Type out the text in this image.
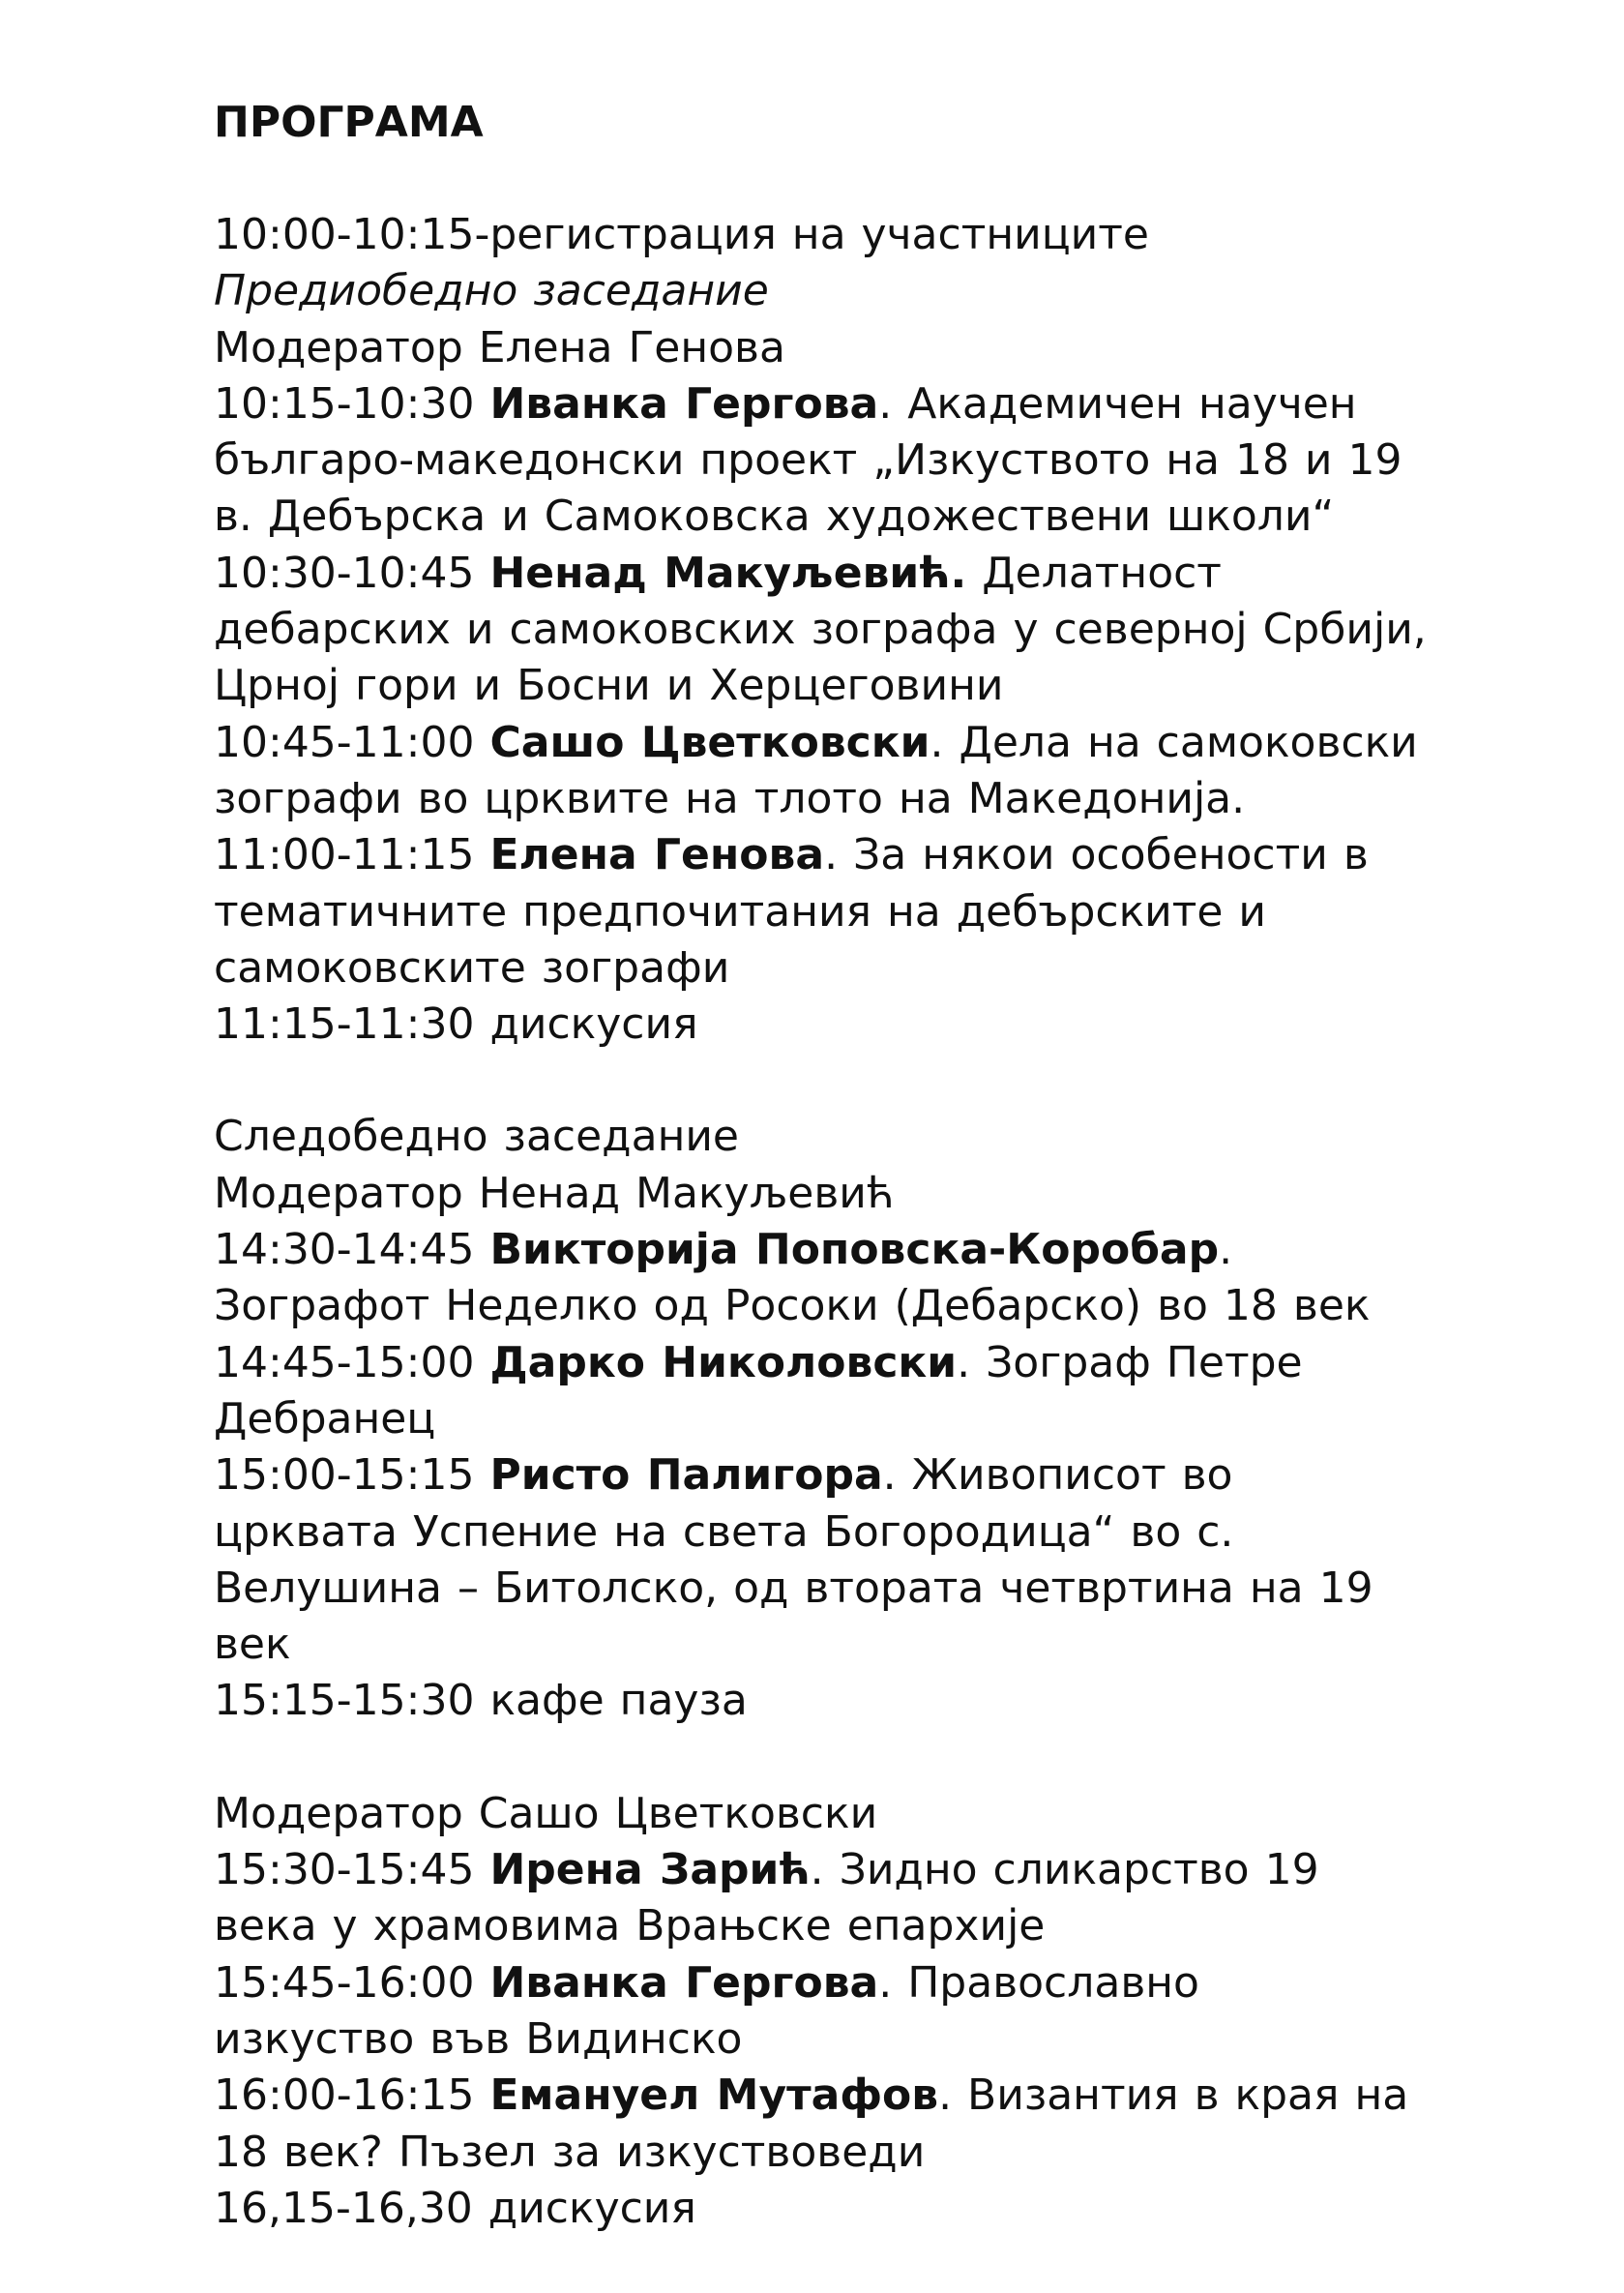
ПРОГРАМА
10:00-10:15-регистрация на участниците
Предиобедно заседание
Модератор Елена Генова
10:15-10:30 Иванка Гергова. Академичен научен
българо-македонски проект „Изкуството на 18 и 19
в. Дебърска и Самоковска художествени школи“
10:30-10:45 Ненад Макуљевић. Делатност
дебарских и самоковских зографа у северној Србији,
Црној гори и Босни и Херцеговини
10:45-11:00 Сашо Цветковски. Дела на самоковски
зографи во црквите на тлото на Македонија.
11:00-11:15 Елена Генова. За някои особености в
тематичните предпочитания на дебърските и
самоковските зографи
11:15-11:30 дискусия
Следобедно заседание
Модератор Ненад Макуљевић
14:30-14:45 Викторија Поповска-Коробар.
Зографот Неделко од Росоки (Дебарско) во 18 век
14:45-15:00 Дарко Николовски. Зограф Петре
Дебранец
15:00-15:15 Ристо Палигора. Живописот во
црквата Успение на света Богородица“ во с.
Велушина – Битолско, од втората четвртина на 19
век
15:15-15:30 кафе пауза
Модератор Сашо Цветковски
15:30-15:45 Ирена Зарић. Зидно сликарство 19
века у храмовима Врањске епархије
15:45-16:00 Иванка Гергова. Православно
изкуство във Видинско
16:00-16:15 Емануел Мутафов. Византия в края на
18 век? Пъзел за изкуствоведи
16,15-16,30 дискусия
